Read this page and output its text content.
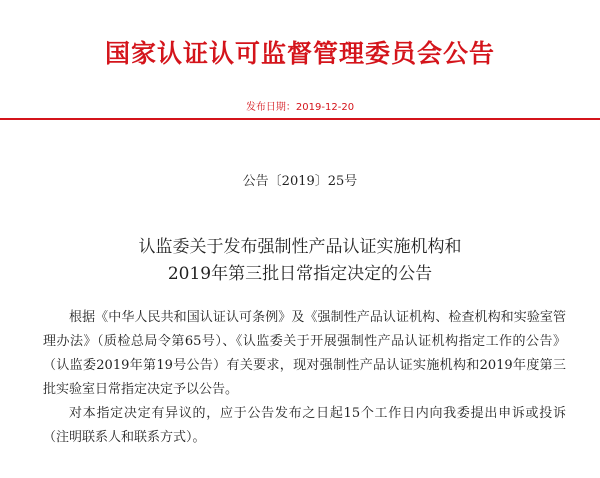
国家认证认可监督管理委员会公告
发布日期：2019-12-20
公告〔2019〕25号
认监委关于发布强制性产品认证实施机构和
2019年第三批日常指定决定的公告

根据《中华人民共和国认证认可条例》及《强制性产品认证机构、检查机构和实验室管理办法》（质检总局令第65号）、《认监委关于开展强制性产品认证机构指定工作的公告》（认监委2019年第19号公告）有关要求，现对强制性产品认证实施机构和2019年度第三批实验室日常指定决定予以公告。

对本指定决定有异议的，应于公告发布之日起15个工作日内向我委提出申诉或投诉（注明联系人和联系方式）。
